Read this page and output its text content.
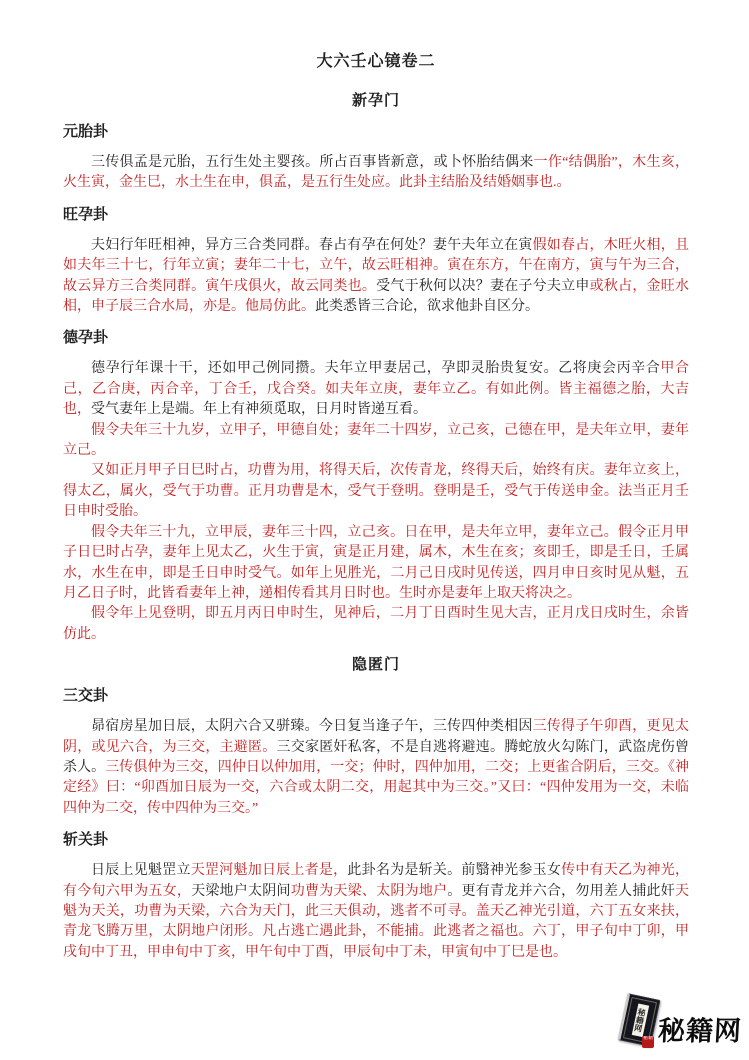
大六壬心镜卷二
新孕门
元胎卦

三传俱孟是元胎，五行生处主婴孩。所占百事皆新意，或卜怀胎结偶来一作“结偶胎”，木生亥，火生寅，金生巳，水土生在申，俱孟，是五行生处应。此卦主结胎及结婚姻事也.。

旺孕卦

夫妇行年旺相神，异方三合类同群。春占有孕在何处？妻午夫年立在寅假如春占，木旺火相，且如夫年三十七，行年立寅；妻年二十七，立午，故云旺相神。寅在东方，午在南方，寅与午为三合，故云异方三合类同群。寅午戌俱火，故云同类也。受气于秋何以决？妻在子兮夫立申或秋占，金旺水相，申子辰三合水局，亦是。他局仿此。此类悉皆三合论，欲求他卦自区分。

德孕卦

德孕行年课十干，还如甲己例同攒。夫年立甲妻居己，孕即灵胎贵复安。乙将庚会丙辛合甲合己，乙合庚，丙合辛，丁合壬，戊合癸。如夫年立庚，妻年立乙。有如此例。皆主福德之胎，大吉也，受气妻年上是端。年上有神须觅取，日月时皆递互看。

假令夫年三十九岁，立甲子，甲德自处；妻年二十四岁，立己亥，己德在甲，是夫年立甲，妻年立己。

又如正月甲子日巳时占，功曹为用，将得天后，次传青龙，终得天后，始终有庆。妻年立亥上，得太乙，属火，受气于功曹。正月功曹是木，受气于登明。登明是壬，受气于传送申金。法当正月壬日申时受胎。

假令夫年三十九，立甲辰，妻年三十四，立己亥。日在甲，是夫年立甲，妻年立己。假令正月甲子日巳时占孕，妻年上见太乙，火生于寅，寅是正月建，属木，木生在亥；亥即壬，即是壬日，壬属水，水生在申，即是壬日申时受气。如年上见胜光，二月己日戌时见传送，四月申日亥时见从魁，五月乙日子时，此皆看妻年上神，递相传看其月日时也。生时亦是妻年上取天将决之。

假令年上见登明，即五月丙日申时生，见神后，二月丁日酉时生见大吉，正月戊日戌时生，余皆仿此。

隐匿门
三交卦

昴宿房星加日辰，太阴六合又骈臻。今日复当逢子午，三传四仲类相因三传得子午卯酉，更见太阴，或见六合，为三交，主避匿。三交家匿奸私客，不是自逃将避迍。腾蛇放火勾陈门，武盗虎伤曾杀人。三传俱仲为三交，四仲日以仲加用，一交；仲时，四仲加用，二交；上更雀合阴后，三交。《神定经》曰：“卯酉加日辰为一交，六合或太阴二交，用起其中为三交。”又曰：“四仲发用为一交，未临四仲为二交，传中四仲为三交。”

斩关卦

日辰上见魁罡立天罡河魁加日辰上者是，此卦名为是斩关。前翳神光参玉女传中有天乙为神光，有今旬六甲为五女，天梁地户太阴间功曹为天梁、太阴为地户。更有青龙并六合，勿用差人捕此奸天魁为天关，功曹为天梁，六合为天门，此三天俱动，逃者不可寻。盖天乙神光引道，六丁五女来扶，青龙飞腾万里，太阴地户闭形。凡占逃亡遇此卦，不能捕。此逃者之福也。六丁，甲子旬中丁卯，甲戌旬中丁丑，甲申旬中丁亥，甲午旬中丁酉，甲辰旬中丁未，甲寅旬中丁巳是也。

秘籍网
秘籍 秘籍网
